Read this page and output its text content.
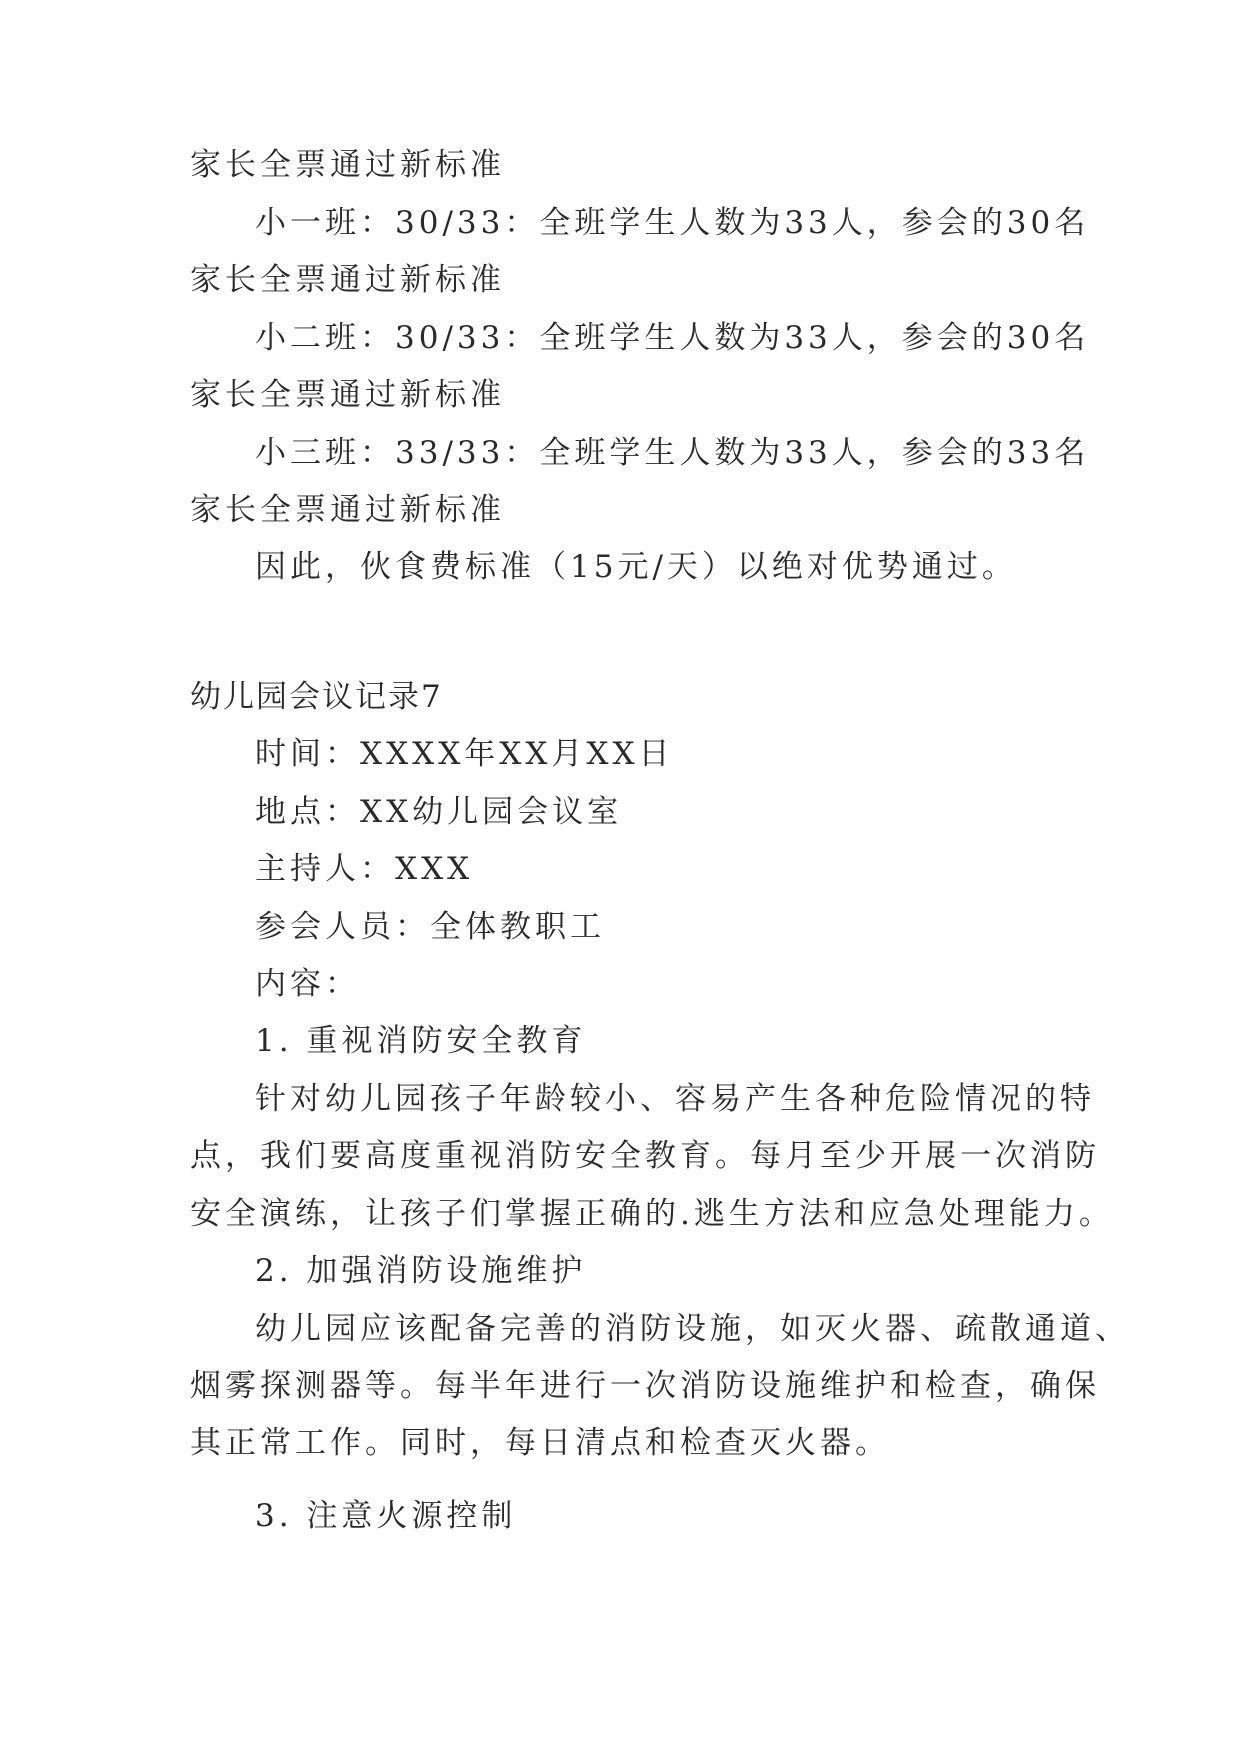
家长全票通过新标准
小一班：30/33：全班学生人数为33人，参会的30名
家长全票通过新标准
小二班：30/33：全班学生人数为33人，参会的30名
家长全票通过新标准
小三班：33/33：全班学生人数为33人，参会的33名
家长全票通过新标准
因此，伙食费标准（15元/天）以绝对优势通过。
幼儿园会议记录7
时间：XXXX年XX月XX日
地点：XX幼儿园会议室
主持人：XXX
参会人员：全体教职工
内容：
1. 重视消防安全教育
针对幼儿园孩子年龄较小、容易产生各种危险情况的特
点，我们要高度重视消防安全教育。每月至少开展一次消防
安全演练，让孩子们掌握正确的.逃生方法和应急处理能力。
2. 加强消防设施维护
幼儿园应该配备完善的消防设施，如灭火器、疏散通道、
烟雾探测器等。每半年进行一次消防设施维护和检查，确保
其正常工作。同时，每日清点和检查灭火器。
3. 注意火源控制
